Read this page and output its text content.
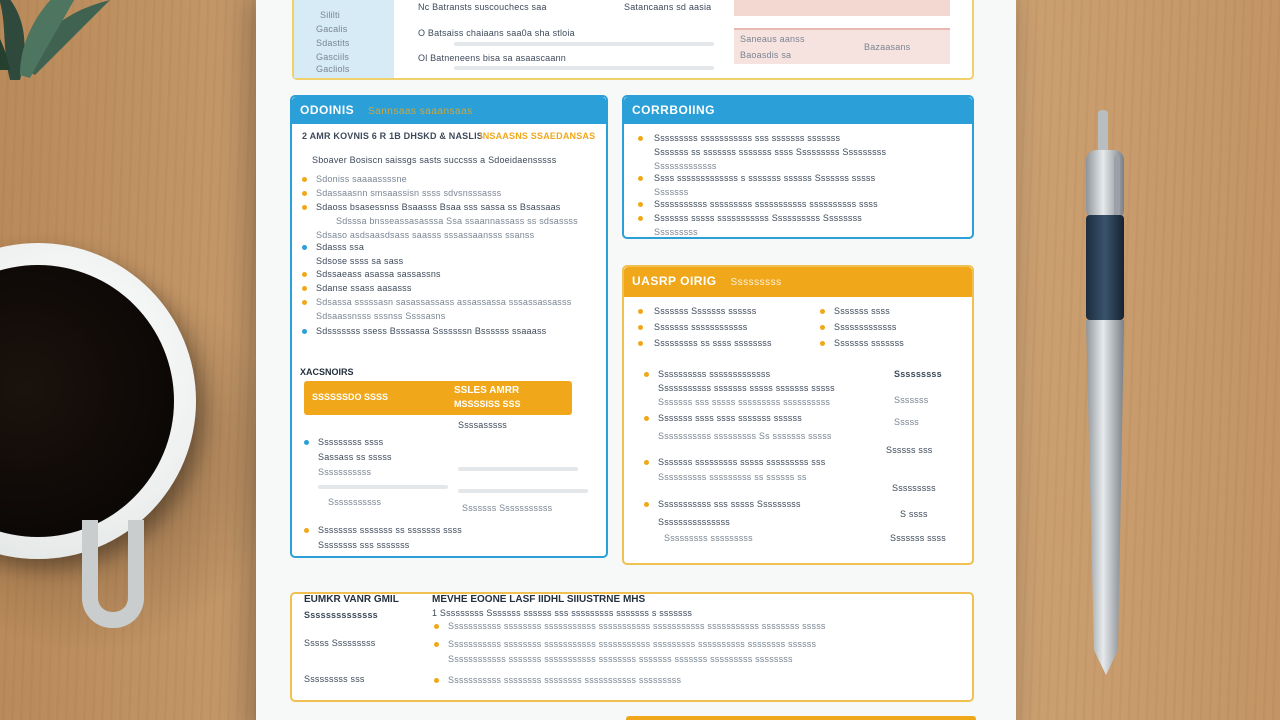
Sililti
Gacalis
Sdastits
Gasciils
Gacliols
Nc Batransts suscouchecs saa
O Batsaiss chaiaans saa0a sha stloia
Ol Batneneens bisa sa asaascaann
Satancaans sd aasia
Saneaus aanss
Baoasdis sa
Bazaasans
ODOINIS Sannsaas saaansaas
2 AMR KOVNIS 6 R 1B DHSKD & NASLIS
INSAASNS SSAEDANSAS
Sboaver Bosiscn saissgs sasts succsss a Sdoeidaensssss
Sdoniss saaaassssne
Sdassaasnn smsaassisn ssss sdvsnsssasss
Sdaoss bsasessnss Bsaasss Bsaa sss sassa ss Bsassaas
Sdsssa bnsseassasasssa Ssa ssaannassass ss sdsassss
Sdsaso asdsaasdsass saasss sssassaansss ssanss
Sdasss ssa
Sdsose ssss sa sass
Sdssaeass asassa sassassns
Sdanse ssass aasasss
Sdsassa sssssasn sasassassass assassassa sssassassasss
Sdsaassnsss sssnss Ssssasns
Sdsssssss ssess Bsssassa Sssssssn Bssssss ssaaass
XACSNOIRS
SSSSSSDO SSSS
SSLES AMRR
MSSSSISS SSS
Sssssssss ssss
Sassass ss sssss
Sssssssssss
Ssssasssss
Sssssssssss
Sssssss Sssssssssss
Ssssssss sssssss ss sssssss ssss
Ssssssss sss sssssss
CORRBOIING
Sssssssss sssssssssss sss sssssss sssssss
Sssssss ss sssssss sssssss ssss Sssssssss Sssssssss
Sssssssssssss
Ssss sssssssssssss s sssssss ssssss Sssssss sssss
Sssssss
Sssssssssss sssssssss sssssssssss ssssssssss ssss
Sssssss sssss sssssssssss Ssssssssss Ssssssss
Sssssssss
UASRP OIRIG Sssssssss
Sssssss Sssssss ssssss
Sssssss ssssssssssss
Sssssssss ss ssss ssssssss
Sssssss ssss
Sssssssssssss
Sssssss sssssss
Ssssssssss sssssssssssss
Sssssssssss sssssss sssss sssssss sssss
Sssssss sss sssss sssssssss ssssssssss
Sssssss ssss ssss sssssss ssssss
Sssssssssss sssssssss Ss sssssss sssss
Sssssss sssssssss sssss sssssssss sss
Ssssssssss sssssssss ss ssssss ss
Sssssssssss sss sssss Sssssssss
Sssssssssssssss
Sssssssss sssssssss
Sssssssss
Sssssss
Sssss
Ssssss sss
Sssssssss
S ssss
Sssssss ssss
EUMKR VANR GMIL	MEVHE EOONE LASF IIDHL SIIUSTRNE MHS
Ssssssssssssss
Sssss Sssssssss
Sssssssss sss
1 Sssssssss Sssssss ssssss sss sssssssss sssssss s sssssss
Sssssssssss ssssssss sssssssssss sssssssssss sssssssssss sssssssssss ssssssss sssss
Sssssssssss ssssssss sssssssssss sssssssssss sssssssss ssssssssss ssssssss ssssss
Ssssssssssss sssssss sssssssssss ssssssss sssssss sssssss sssssssss ssssssss
Sssssssssss ssssssss ssssssss sssssssssss sssssssss
